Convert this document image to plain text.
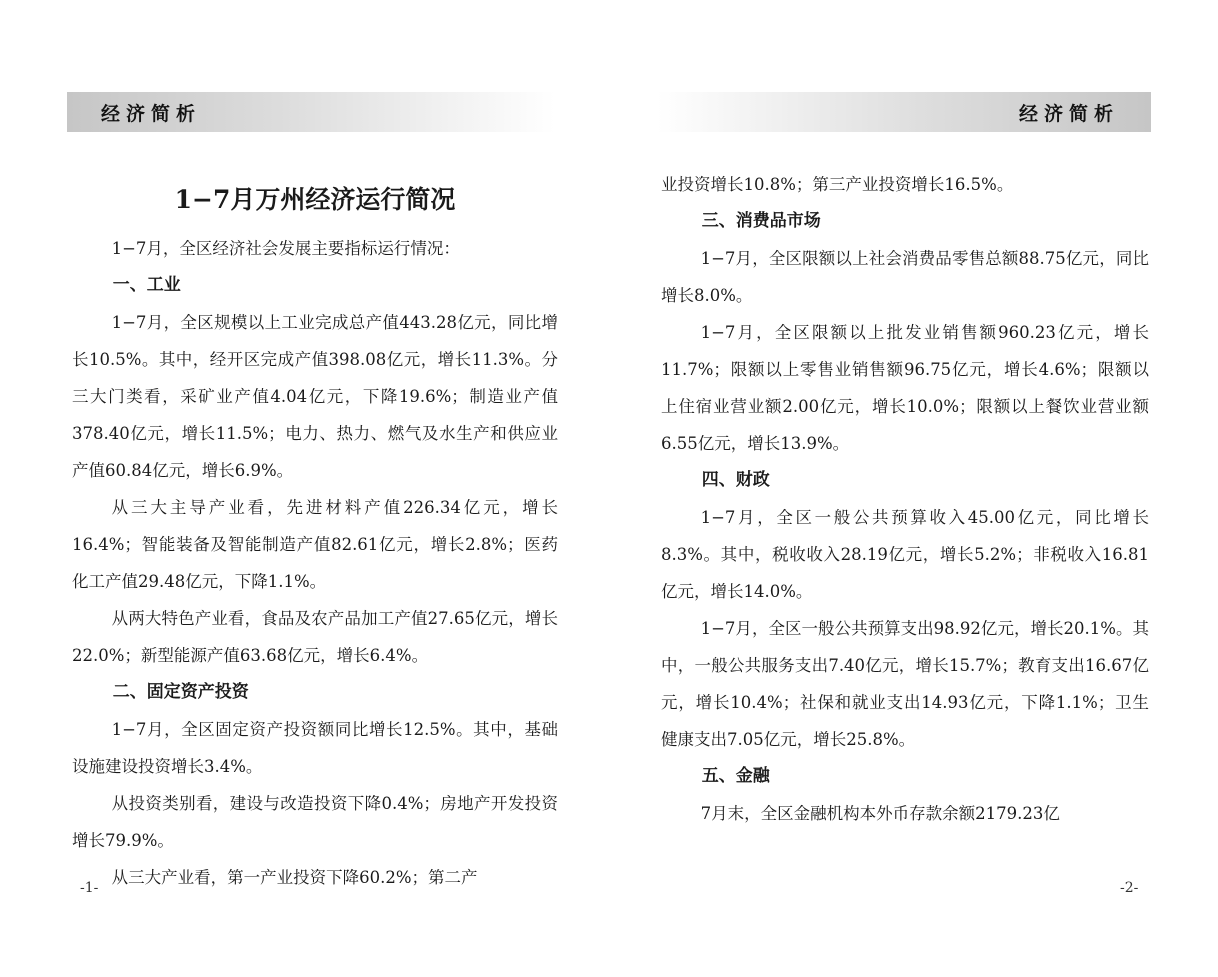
经济简析
1−7月万州经济运行简况

1−7月，全区经济社会发展主要指标运行情况：

一、工业

1−7月，全区规模以上工业完成总产值443.28亿元，同比增长10.5%。其中，经开区完成产值398.08亿元，增长11.3%。分三大门类看，采矿业产值4.04亿元，下降19.6%；制造业产值378.40亿元，增长11.5%；电力、热力、燃气及水生产和供应业产值60.84亿元，增长6.9%。

从三大主导产业看，先进材料产值226.34亿元，增长16.4%；智能装备及智能制造产值82.61亿元，增长2.8%；医药化工产值29.48亿元，下降1.1%。

从两大特色产业看，食品及农产品加工产值27.65亿元，增长22.0%；新型能源产值63.68亿元，增长6.4%。

二、固定资产投资

1−7月，全区固定资产投资额同比增长12.5%。其中，基础设施建设投资增长3.4%。

从投资类别看，建设与改造投资下降0.4%；房地产开发投资增长79.9%。

从三大产业看，第一产业投资下降60.2%；第二产

-1-
经济简析

业投资增长10.8%；第三产业投资增长16.5%。

三、消费品市场

1−7月，全区限额以上社会消费品零售总额88.75亿元，同比增长8.0%。

1−7月，全区限额以上批发业销售额960.23亿元，增长11.7%；限额以上零售业销售额96.75亿元，增长4.6%；限额以上住宿业营业额2.00亿元，增长10.0%；限额以上餐饮业营业额6.55亿元，增长13.9%。

四、财政

1−7月，全区一般公共预算收入45.00亿元，同比增长8.3%。其中，税收收入28.19亿元，增长5.2%；非税收入16.81亿元，增长14.0%。

1−7月，全区一般公共预算支出98.92亿元，增长20.1%。其中，一般公共服务支出7.40亿元，增长15.7%；教育支出16.67亿元，增长10.4%；社保和就业支出14.93亿元，下降1.1%；卫生健康支出7.05亿元，增长25.8%。

五、金融

7月末，全区金融机构本外币存款余额2179.23亿

-2-
